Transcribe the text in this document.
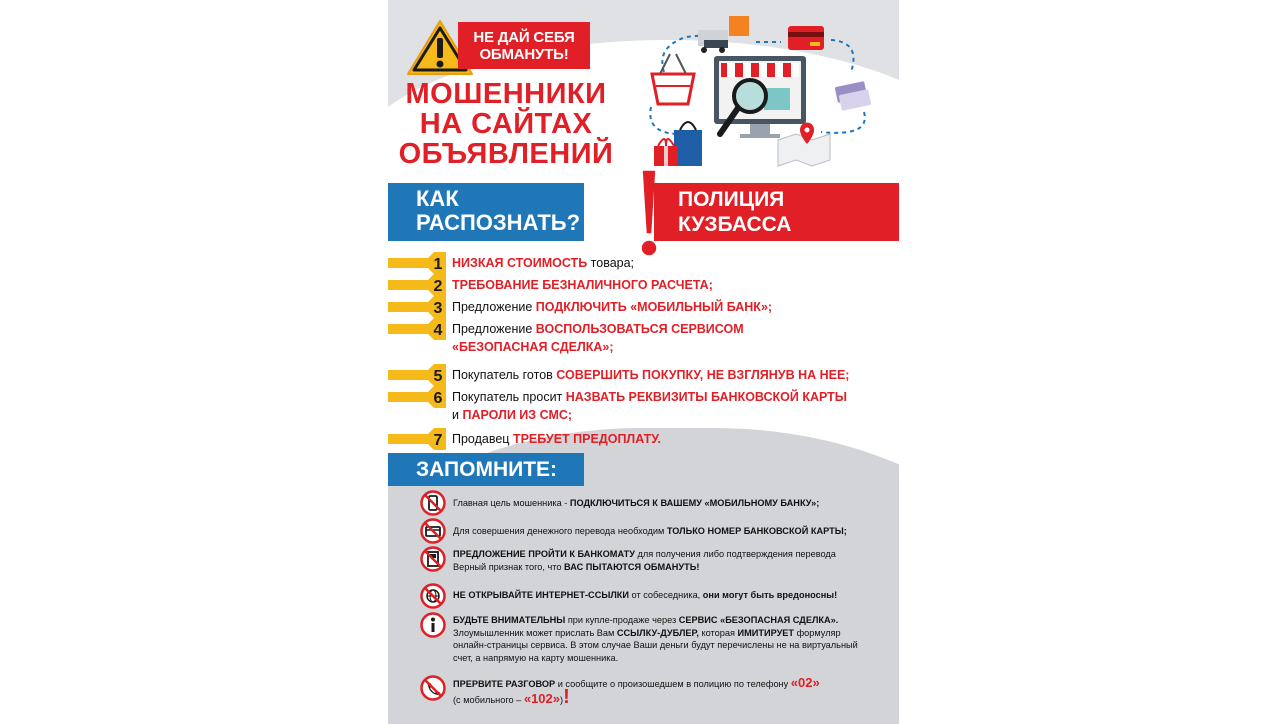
НЕ ДАЙ СЕБЯ
ОБМАНУТЬ!
МОШЕННИКИ
НА САЙТАХ
ОБЪЯВЛЕНИЙ
КАК
РАСПОЗНАТЬ?
ПОЛИЦИЯ КУЗБАССА
РЕКОМЕНДУЕТ
1 НИЗКАЯ СТОИМОСТЬ товара;
2 ТРЕБОВАНИЕ БЕЗНАЛИЧНОГО РАСЧЕТА;
3 Предложение ПОДКЛЮЧИТЬ «МОБИЛЬНЫЙ БАНК»;
4 Предложение ВОСПОЛЬЗОВАТЬСЯ СЕРВИСОМ
«БЕЗОПАСНАЯ СДЕЛКА»;
5 Покупатель готов СОВЕРШИТЬ ПОКУПКУ, НЕ ВЗГЛЯНУВ НА НЕЕ;
6 Покупатель просит НАЗВАТЬ РЕКВИЗИТЫ БАНКОВСКОЙ КАРТЫ
и ПАРОЛИ ИЗ СМС;
7 Продавец ТРЕБУЕТ ПРЕДОПЛАТУ.
ЗАПОМНИТЕ:
Главная цель мошенника - ПОДКЛЮЧИТЬСЯ К ВАШЕМУ «МОБИЛЬНОМУ БАНКУ»;
Для совершения денежного перевода необходим ТОЛЬКО НОМЕР БАНКОВСКОЙ КАРТЫ;
ПРЕДЛОЖЕНИЕ ПРОЙТИ К БАНКОМАТУ для получения либо подтверждения перевода Верный признак того, что ВАС ПЫТАЮТСЯ ОБМАНУТЬ!
НЕ ОТКРЫВАЙТЕ ИНТЕРНЕТ-ССЫЛКИ от собеседника, они могут быть вредоносны!
БУДЬТЕ ВНИМАТЕЛЬНЫ при купле-продаже через СЕРВИС «БЕЗОПАСНАЯ СДЕЛКА». Злоумышленник может прислать Вам ССЫЛКУ-ДУБЛЕР, которая ИМИТИРУЕТ формуляр онлайн-страницы сервиса. В этом случае Ваши деньги будут перечислены не на виртуальный счет, а напрямую на карту мошенника.
ПРЕРВИТЕ РАЗГОВОР и сообщите о произошедшем в полицию по телефону «02»
(с мобильного – «102»)!
